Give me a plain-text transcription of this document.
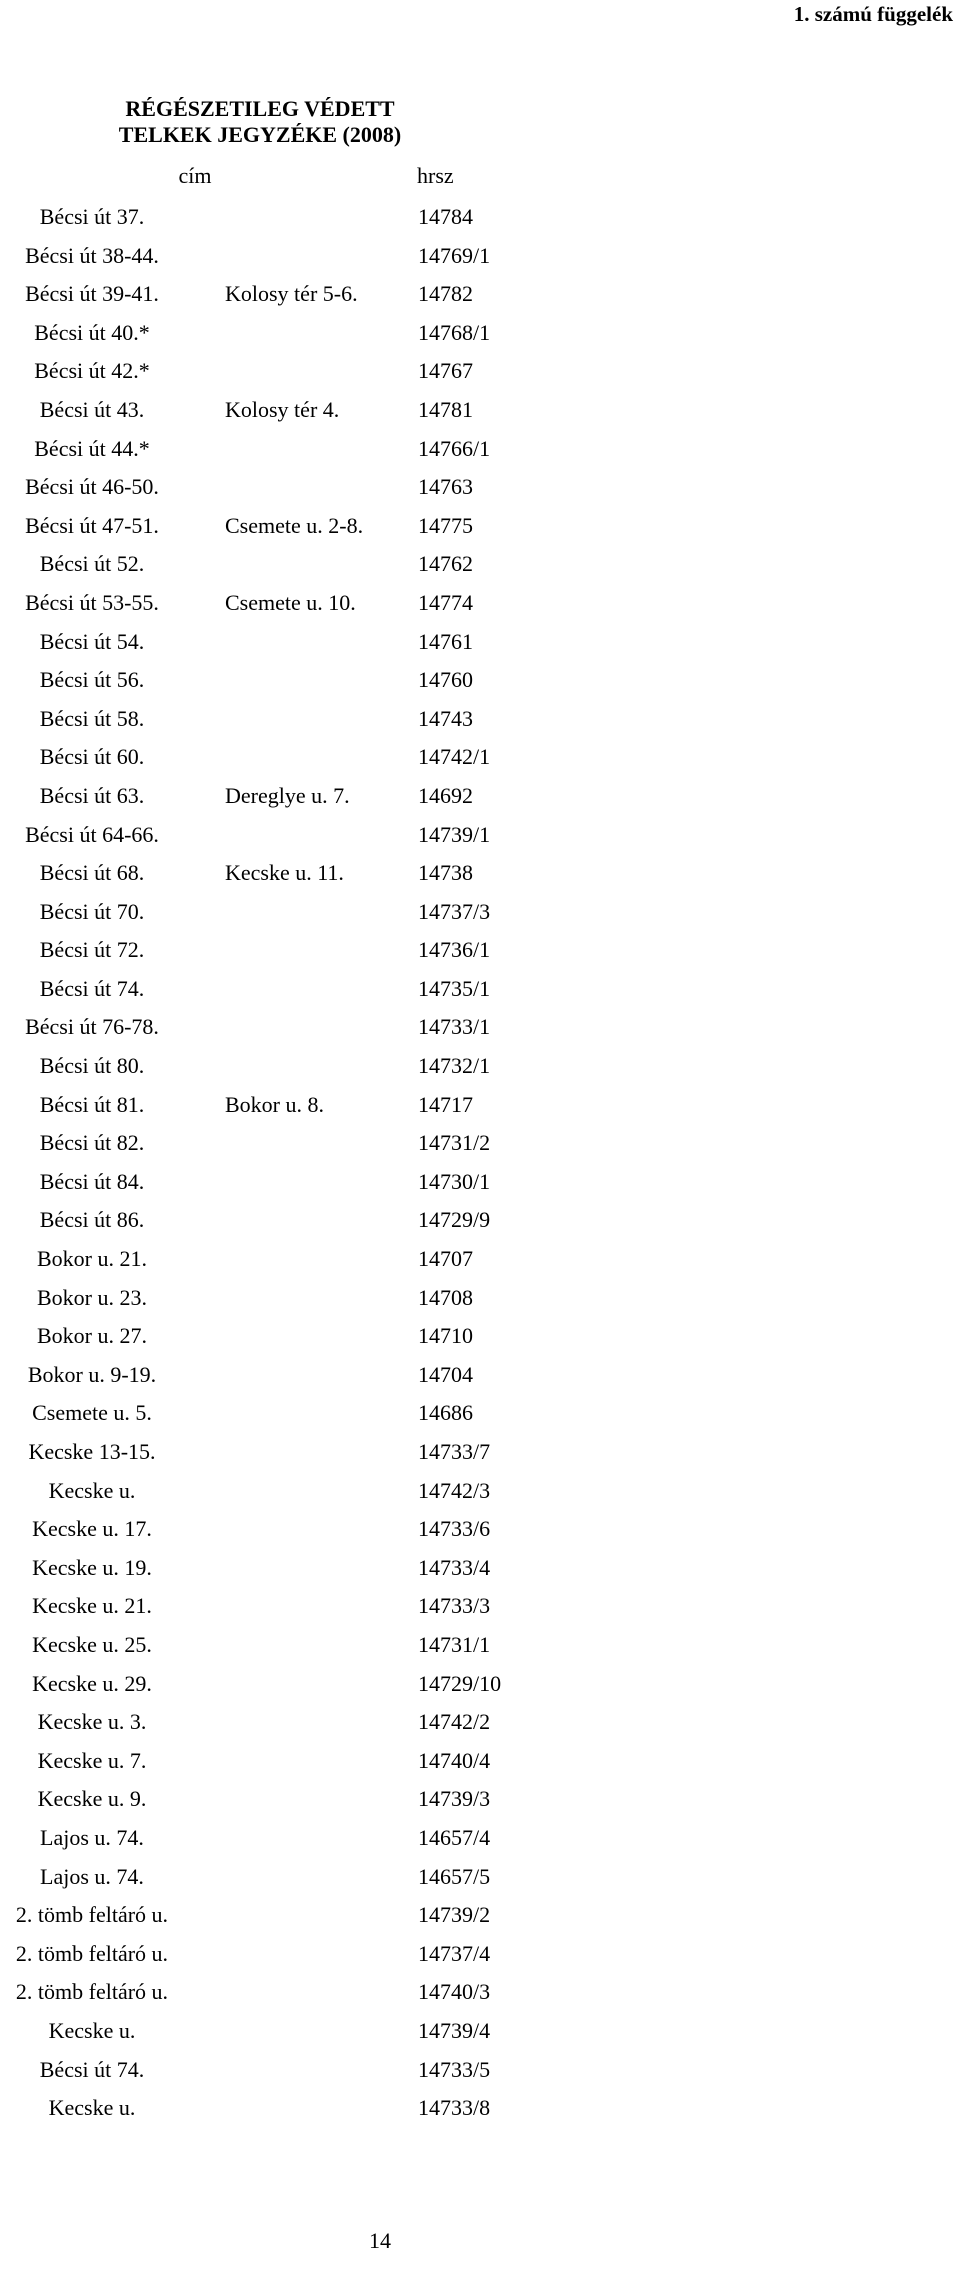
1. számú függelék
RÉGÉSZETILEG VÉDETT
TELKEK JEGYZÉKE (2008)
cím	hrsz
Bécsi út 37.	14784
Bécsi út 38-44.	14769/1
Bécsi út 39-41.	Kolosy tér 5-6.	14782
Bécsi út 40.*	14768/1
Bécsi út 42.*	14767
Bécsi út 43.	Kolosy tér 4.	14781
Bécsi út 44.*	14766/1
Bécsi út 46-50.	14763
Bécsi út 47-51.	Csemete u. 2-8. 14775
Bécsi út 52.	14762
Bécsi út 53-55.	Csemete u. 10.	14774
Bécsi út 54.	14761
Bécsi út 56.	14760
Bécsi út 58.	14743
Bécsi út 60.	14742/1
Bécsi út 63.	Dereglye u. 7.	14692
Bécsi út 64-66.	14739/1
Bécsi út 68.	Kecske u. 11.	14738
Bécsi út 70.	14737/3
Bécsi út 72.	14736/1
Bécsi út 74.	14735/1
Bécsi út 76-78.	14733/1
Bécsi út 80.	14732/1
Bécsi út 81.	Bokor u. 8.	14717
Bécsi út 82.	14731/2
Bécsi út 84.	14730/1
Bécsi út 86.	14729/9
Bokor u. 21.	14707
Bokor u. 23.	14708
Bokor u. 27.	14710
Bokor u. 9-19.	14704
Csemete u. 5.	14686
Kecske 13-15.	14733/7
Kecske u.	14742/3
Kecske u. 17.	14733/6
Kecske u. 19.	14733/4
Kecske u. 21.	14733/3
Kecske u. 25.	14731/1
Kecske u. 29.	14729/10
Kecske u. 3.	14742/2
Kecske u. 7.	14740/4
Kecske u. 9.	14739/3
Lajos u. 74.	14657/4
Lajos u. 74.	14657/5
2. tömb feltáró u.	14739/2
2. tömb feltáró u.	14737/4
2. tömb feltáró u.	14740/3
Kecske u.	14739/4
Bécsi út 74.	14733/5
Kecske u.	14733/8
14
